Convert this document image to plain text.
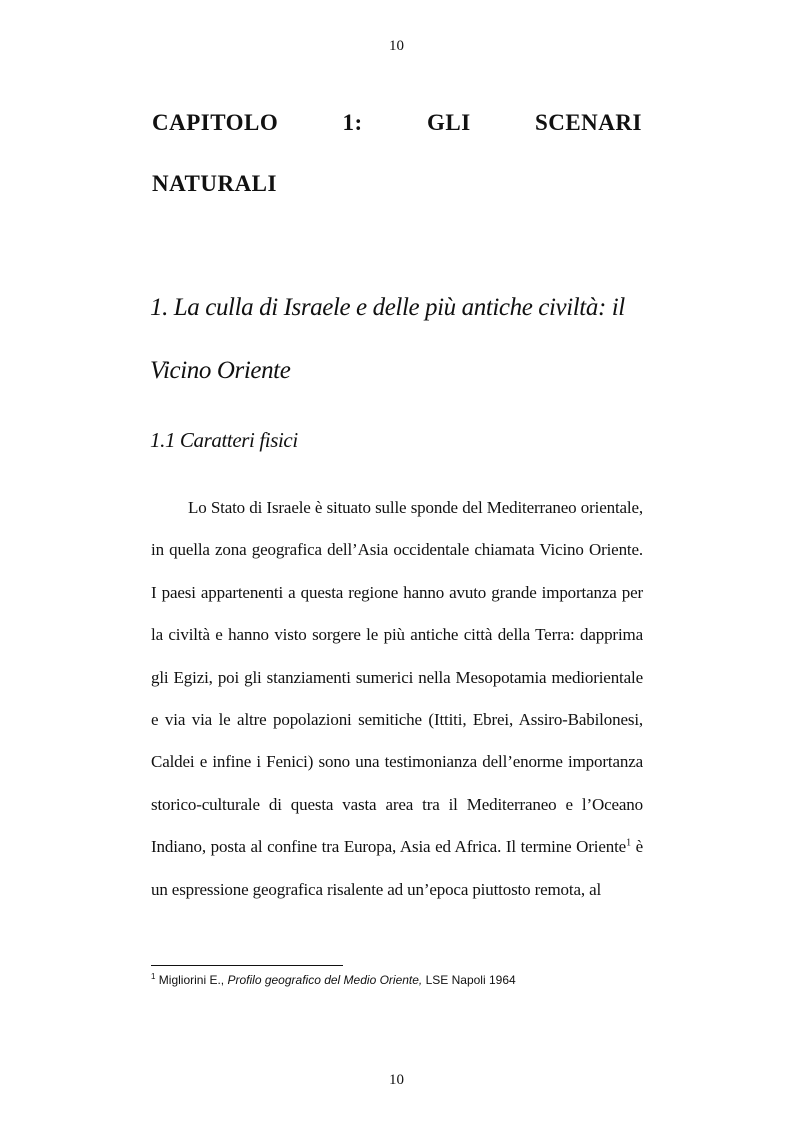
10
CAPITOLO	1:	GLI	SCENARI
NATURALI
1. La culla di Israele e delle più antiche civiltà: il Vicino Oriente
1.1 Caratteri fisici

Lo Stato di Israele è situato sulle sponde del Mediterraneo orientale, in quella zona geografica dell’Asia occidentale chiamata Vicino Oriente. I paesi appartenenti a questa regione hanno avuto grande importanza per la civiltà e hanno visto sorgere le più antiche città della Terra: dapprima gli Egizi, poi gli stanziamenti sumerici nella Mesopotamia mediorientale e via via le altre popolazioni semitiche (Ittiti, Ebrei, Assiro-Babilonesi, Caldei e infine i Fenici) sono una testimonianza dell’enorme importanza storico-culturale di questa vasta area tra il Mediterraneo e l’Oceano Indiano, posta al confine tra Europa, Asia ed Africa. Il termine Oriente$^1$ è un espressione geografica risalente ad un’epoca piuttosto remota, al

$^1$ Migliorini E., Profilo geografico del Medio Oriente, LSE Napoli 1964
10
